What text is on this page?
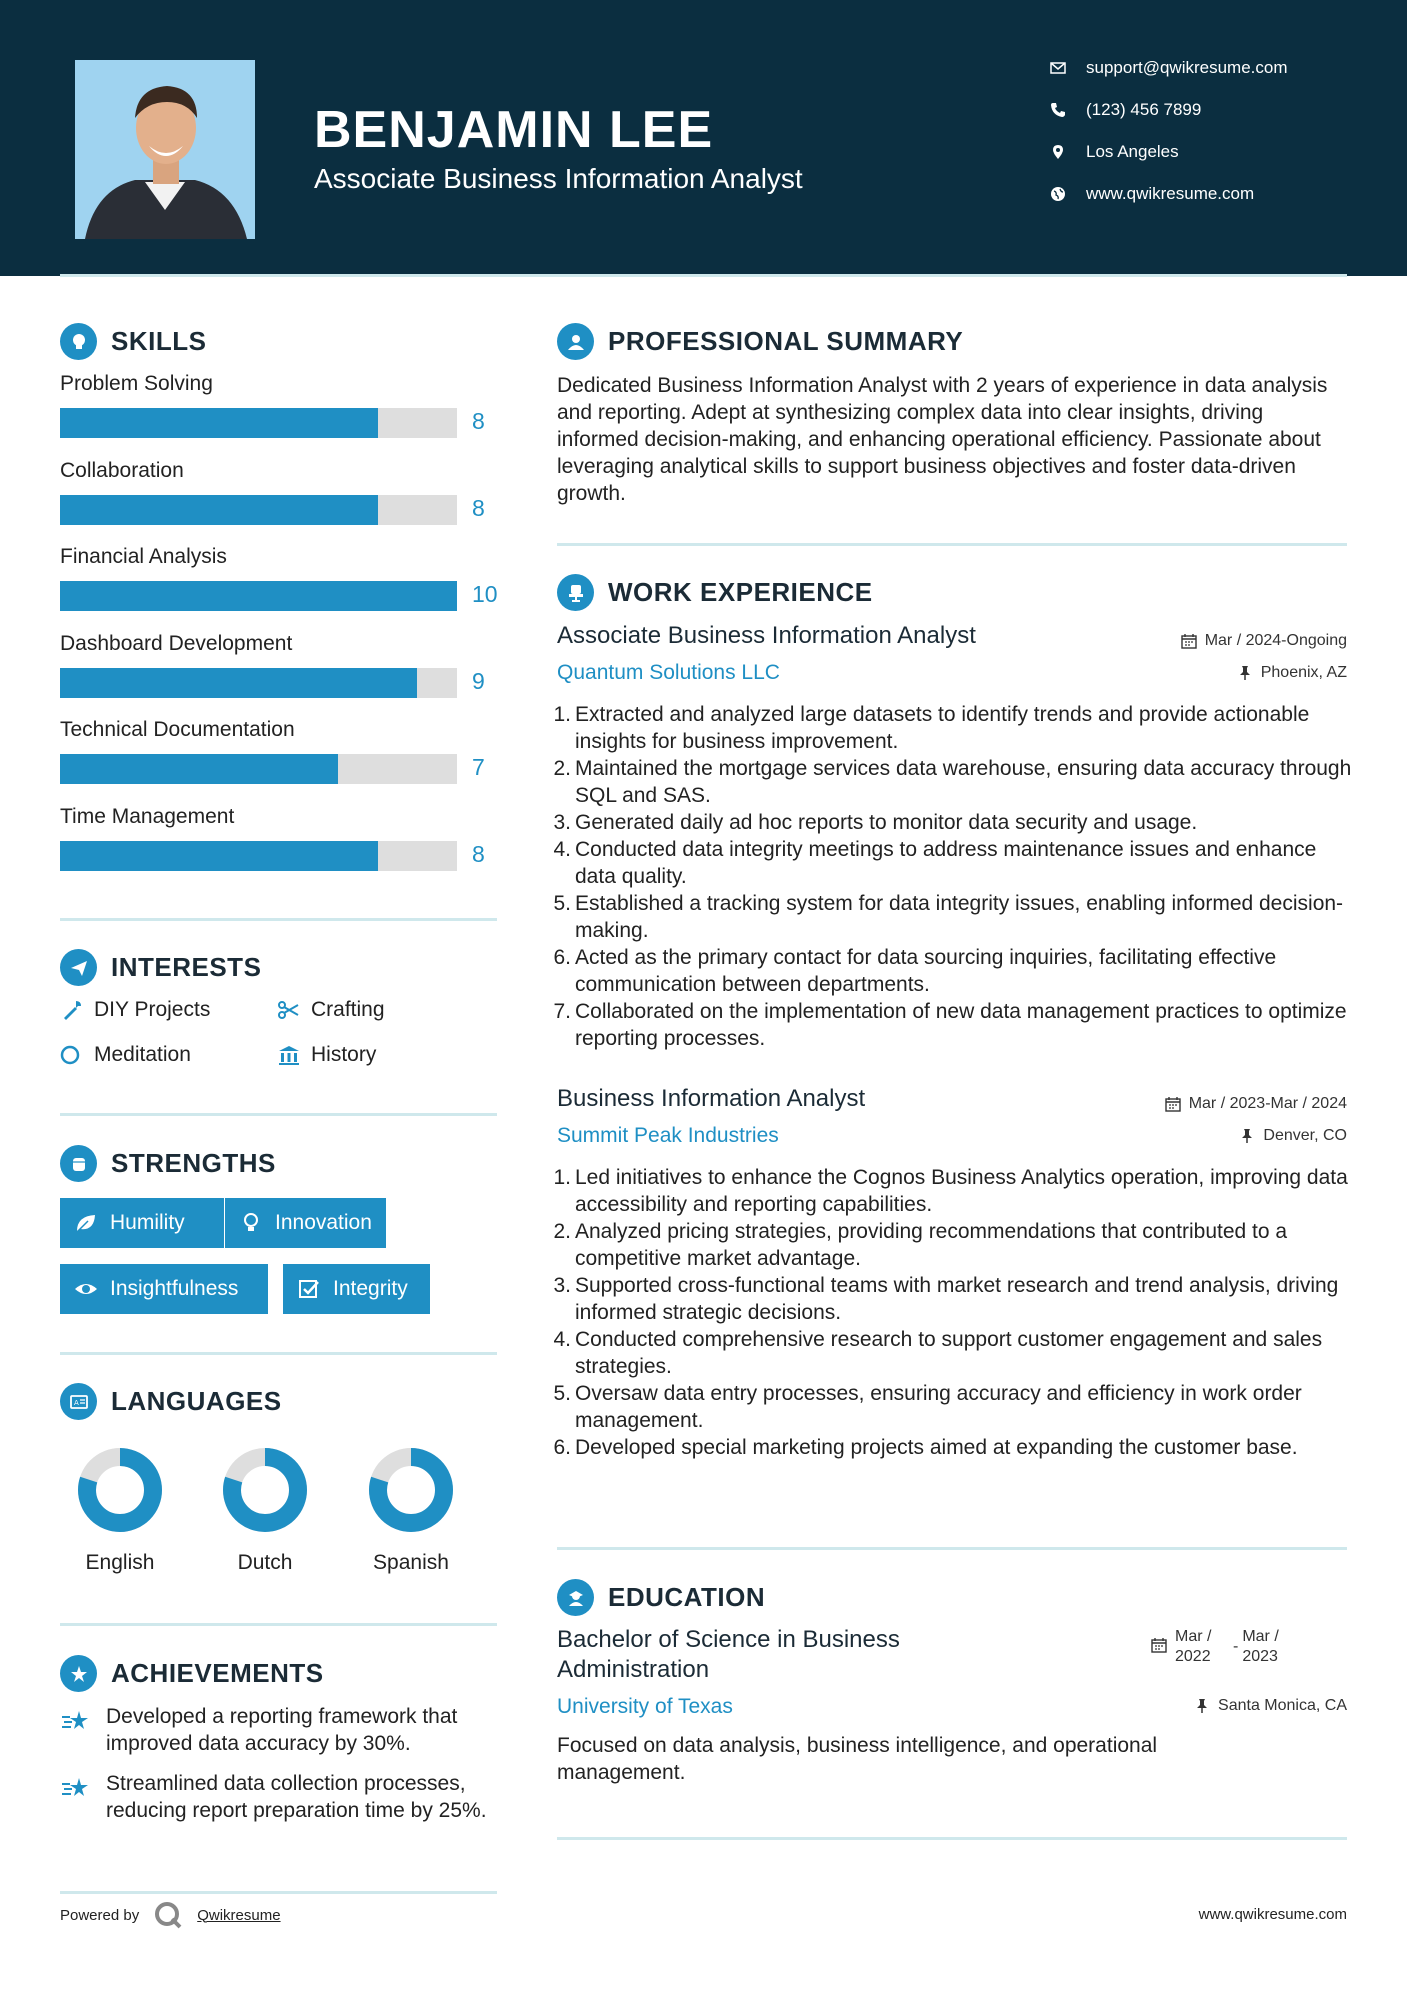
BENJAMIN LEE
Associate Business Information Analyst
support@qwikresume.com
(123) 456 7899
Los Angeles
www.qwikresume.com
SKILLS
Problem Solving
8
Collaboration
8
Financial Analysis
10
Dashboard Development
9
Technical Documentation
7
Time Management
8
INTERESTS
DIY Projects	Crafting
Meditation	History
STRENGTHS
Humility	Innovation
Insightfulness	Integrity
A LANGUAGES
English	Dutch	Spanish
ACHIEVEMENTS
Developed a reporting framework that improved data accuracy by 30%.
Streamlined data collection processes, reducing report preparation time by 25%.
PROFESSIONAL SUMMARY
Dedicated Business Information Analyst with 2 years of experience in data analysis and reporting. Adept at synthesizing complex data into clear insights, driving informed decision-making, and enhancing operational efficiency. Passionate about leveraging analytical skills to support business objectives and foster data-driven growth.
WORK EXPERIENCE
Associate Business Information Analyst	Mar / 2024-Ongoing
Quantum Solutions LLC	Phoenix, AZ
1. Extracted and analyzed large datasets to identify trends and provide actionable insights for business improvement.
2. Maintained the mortgage services data warehouse, ensuring data accuracy through SQL and SAS.
3. Generated daily ad hoc reports to monitor data security and usage.
4. Conducted data integrity meetings to address maintenance issues and enhance data quality.
5. Established a tracking system for data integrity issues, enabling informed decision-making.
6. Acted as the primary contact for data sourcing inquiries, facilitating effective communication between departments.
7. Collaborated on the implementation of new data management practices to optimize reporting processes.
Business Information Analyst	Mar / 2023-Mar / 2024
Summit Peak Industries	Denver, CO
1. Led initiatives to enhance the Cognos Business Analytics operation, improving data accessibility and reporting capabilities.
2. Analyzed pricing strategies, providing recommendations that contributed to a competitive market advantage.
3. Supported cross-functional teams with market research and trend analysis, driving informed strategic decisions.
4. Conducted comprehensive research to support customer engagement and sales strategies.
5. Oversaw data entry processes, ensuring accuracy and efficiency in work order management.
6. Developed special marketing projects aimed at expanding the customer base.
EDUCATION
Bachelor of Science in Business Administration
Mar / 2022
-
Mar / 2023
University of Texas	Santa Monica, CA
Focused on data analysis, business intelligence, and operational management.
Powered by	Qwikresume	www.qwikresume.com
